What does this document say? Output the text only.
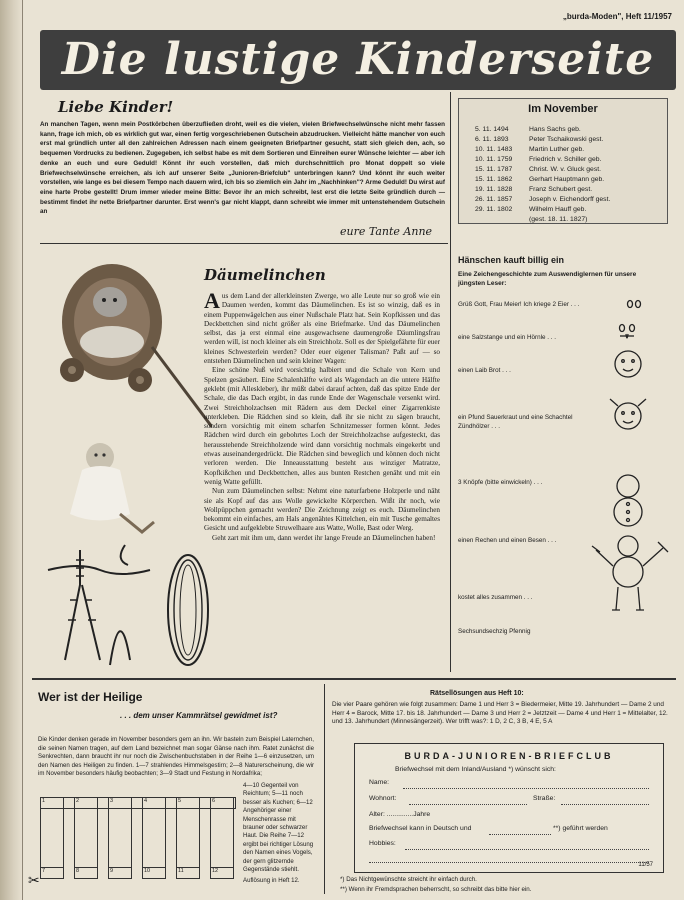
„burda-Moden", Heft 11/1957
Die lustige Kinderseite
Liebe Kinder!
An manchen Tagen, wenn mein Postkörbchen überzufließen droht, weil es die vielen, vielen Briefwechselwünsche nicht mehr fassen kann, frage ich mich, ob es wirklich gut war, einen fertig vorgeschriebenen Gutschein abzudrucken. Vielleicht hätte mancher von euch erst mal gründlich unter all den zahlreichen Adressen nach einem geeigneten Briefpartner gesucht, statt sich gleich den, ach, so bequemen Vordrucks zu bedienen. Zugegeben, ich selbst habe es mit dem Sortieren und Einreihen eurer Wünsche leichter — aber ich denke an euch und eure Geduld! Könnt ihr euch vorstellen, daß mich durchschnittlich pro Monat doppelt so viele Briefwechselwünsche erreichen, als ich auf unserer Seite „Junioren-Briefclub" unterbringen kann? Und könnt ihr euch weiter vorstellen, wie lange es bei diesem Tempo nach dauern wird, ich bis so ziemlich ein Jahr im „Nachhinken"? Arme Geduld! Du wirst auf eine harte Probe gestellt! Drum immer wieder meine Bitte: Bevor ihr an mich schreibt, lest erst die letzte Seite gründlich durch — bestimmt findet ihr nette Briefpartner darunter. Erst wenn's gar nicht klappt, dann schreibt wie immer mit untenstehendem Gutschein an
eure Tante Anne
Im November
5. 11. 1494	Hans Sachs geb.
6. 11. 1893	Peter Tschaikowski gest.
10. 11. 1483 Martin Luther geb.
10. 11. 1759 Friedrich v. Schiller geb.
15. 11. 1787 Christ. W. v. Gluck gest.
15. 11. 1862 Gerhart Hauptmann geb.
19. 11. 1828 Franz Schubert gest.
26. 11. 1857 Joseph v. Eichendorff gest.
29. 11. 1802 Wilhelm Hauff geb.
(gest. 18. 11. 1827)
Däumelinchen

Aus dem Land der allerkleinsten Zwerge, wo alle Leute nur so groß wie ein Daumen werden, kommt das Däumelinchen. Es ist so winzig, daß es in einem Puppenwägelchen aus einer Nußschale Platz hat. Sein Kopfkissen und das Deckbettchen sind nicht größer als eine Briefmarke. Und das Däumelinchen selbst, das ja erst einmal eine ausgewachsene daumengroße Däumlingsfrau werden will, ist noch kleiner als ein Streichholz. Soll es der Spielgefährte für euer kleines Schwesterlein werden? Oder euer eigener Talisman? Paßt auf — so entstehen Däumelinchen und sein kleiner Wagen:

Eine schöne Nuß wird vorsichtig halbiert und die Schale von Kern und Spelzen gesäubert. Eine Schalenhälfte wird als Wagendach an die untere Hälfte geklebt (mit Alleskleber), ihr müßt dabei darauf achten, daß das spitze Ende der Schale, die das Dach ergibt, in das runde Ende der Wagenschale versenkt wird. Zwei Streichholzachsen mit Rädern aus dem Deckel einer Zigarrenkiste unterkleben. Die Rädchen sind so klein, daß ihr sie nicht zu sägen braucht, sondern vorsichtig mit einem scharfen Schnitzmesser formen könnt. Jedes Rädchen wird durch ein gebohrtes Loch der Streichholzachse aufgesteckt, das herausstehende Streichholzende wird dann vorsichtig nochmals eingekerbt und etwas auseinandergedrückt. Die Rädchen sind beweglich und können doch nicht verloren werden. Die Inneausstattung besteht aus winziger Matratze, Kopfkißchen und Deckbettchen, alles aus bunten Restchen genäht und mit ein wenig Watte gefüllt.

Nun zum Däumelinchen selbst: Nehmt eine naturfarbene Holzperle und näht sie als Kopf auf das aus Wolle gewickelte Körperchen. Wißt ihr noch, wie Wollpüppchen gemacht werden? Die Zeichnung zeigt es euch. Däumelinchen bekommt ein einfaches, am Hals angenähtes Kittelchen, ein mit Tusche gemaltes Gesicht und aufgeklebte Struwelhaare aus Watte, Wolle, Bast oder Werg.

Geht zart mit ihm um, dann werdet ihr lange Freude an Däumelinchen haben!

Hänschen kauft billig ein
Eine Zeichengeschichte zum Auswendiglernen für unsere jüngsten Leser:
Grüß Gott, Frau Meier! Ich kriege 2 Eier . . .
eine Salzstange und ein Hörnle . . .
einen Laib Brot . . .
ein Pfund Sauerkraut und eine Schachtel Zündhölzer . . .
3 Knöpfe (bitte einwickeln) . . .
einen Rechen und einen Besen . . .
kostet alles zusammen . . .
Sechsundsechzig Pfennig
Wer ist der Heilige
. . . dem unser Kammrätsel gewidmet ist?
Die Kinder denken gerade im November besonders gern an ihn. Wir basteln zum Beispiel Laternchen, die seinen Namen tragen, auf dem Land bezeichnet man sogar Gänse nach ihm. Ratet zunächst die Senkrechten, dann braucht ihr nur noch die Zwischenbuchstaben in der Reihe 1—6 einzusetzen, um den Namen des Heiligen zu finden. 1—7 strahlendes Himmelsgestirn; 2—8 Naturerscheinung, die wir im November besonders häufig beobachten; 3—9 Stadt und Festung in Nordafrika;
4—10 Gegenteil von Reichtum; 5—11 noch besser als Kuchen; 6—12 Angehöriger einer Menschenrasse mit brauner oder schwarzer Haut. Die Reihe 7—12 ergibt bei richtiger Lösung den Namen eines Vogels, der gern glitzernde Gegenstände stiehlt.
Auflösung in Heft 12.
1	2	3	4	5	6
7	8	9	10	11	12
✂
Rätsellösungen aus Heft 10:
Die vier Paare gehören wie folgt zusammen: Dame 1 und Herr 3 = Biedermeier, Mitte 19. Jahrhundert — Dame 2 und Herr 4 = Barock, Mitte 17. bis 18. Jahrhundert — Dame 3 und Herr 2 = Jetztzeit — Dame 4 und Herr 1 = Mittelalter, 12. und 13. Jahrhundert (Minnesängerzeit). Wer trifft was?: 1 D, 2 C, 3 B, 4 E, 5 A
BURDA-JUNIOREN-BRIEFCLUB
Briefwechsel mit dem Inland/Ausland *) wünscht sich:
Name:
Wohnort:	Straße:
Alter: ..............Jahre
Briefwechsel kann in Deutsch und	**) geführt werden
Hobbies:
11/57
*) Das Nichtgewünschte streicht ihr einfach durch.
**) Wenn ihr Fremdsprachen beherrscht, so schreibt das bitte hier ein.
